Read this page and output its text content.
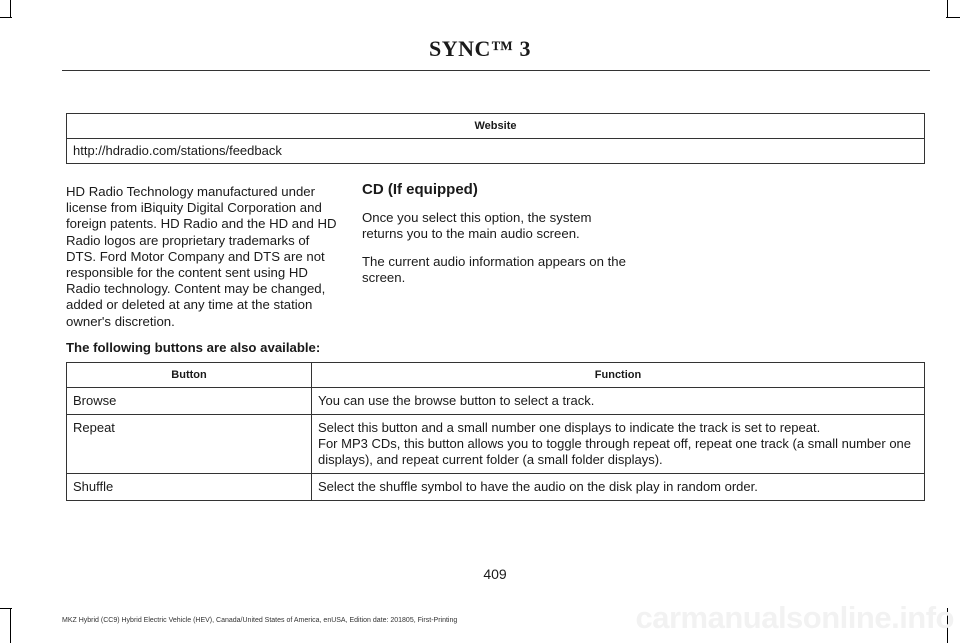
SYNC™ 3
Website
http://hdradio.com/stations/feedback
HD Radio Technology manufactured under license from iBiquity Digital Corporation and foreign patents. HD Radio and the HD and HD Radio logos are proprietary trademarks of DTS. Ford Motor Company and DTS are not responsible for the content sent using HD Radio technology. Content may be changed, added or deleted at any time at the station owner's discretion.
CD (If equipped)

Once you select this option, the system returns you to the main audio screen.

The current audio information appears on the screen.

The following buttons are also available:
Button	Function
Browse	You can use the browse button to select a track.

Repeat	Select this button and a small number one displays to indicate the track is set to repeat.
For MP3 CDs, this button allows you to toggle through repeat off, repeat one track (a small number one displays), and repeat current folder (a small folder displays).

Shuffle	Select the shuffle symbol to have the audio on the disk play in random order.
409
MKZ Hybrid (CC9) Hybrid Electric Vehicle (HEV), Canada/United States of America, enUSA, Edition date: 201805, First-Printing	carmanualsonline.info
